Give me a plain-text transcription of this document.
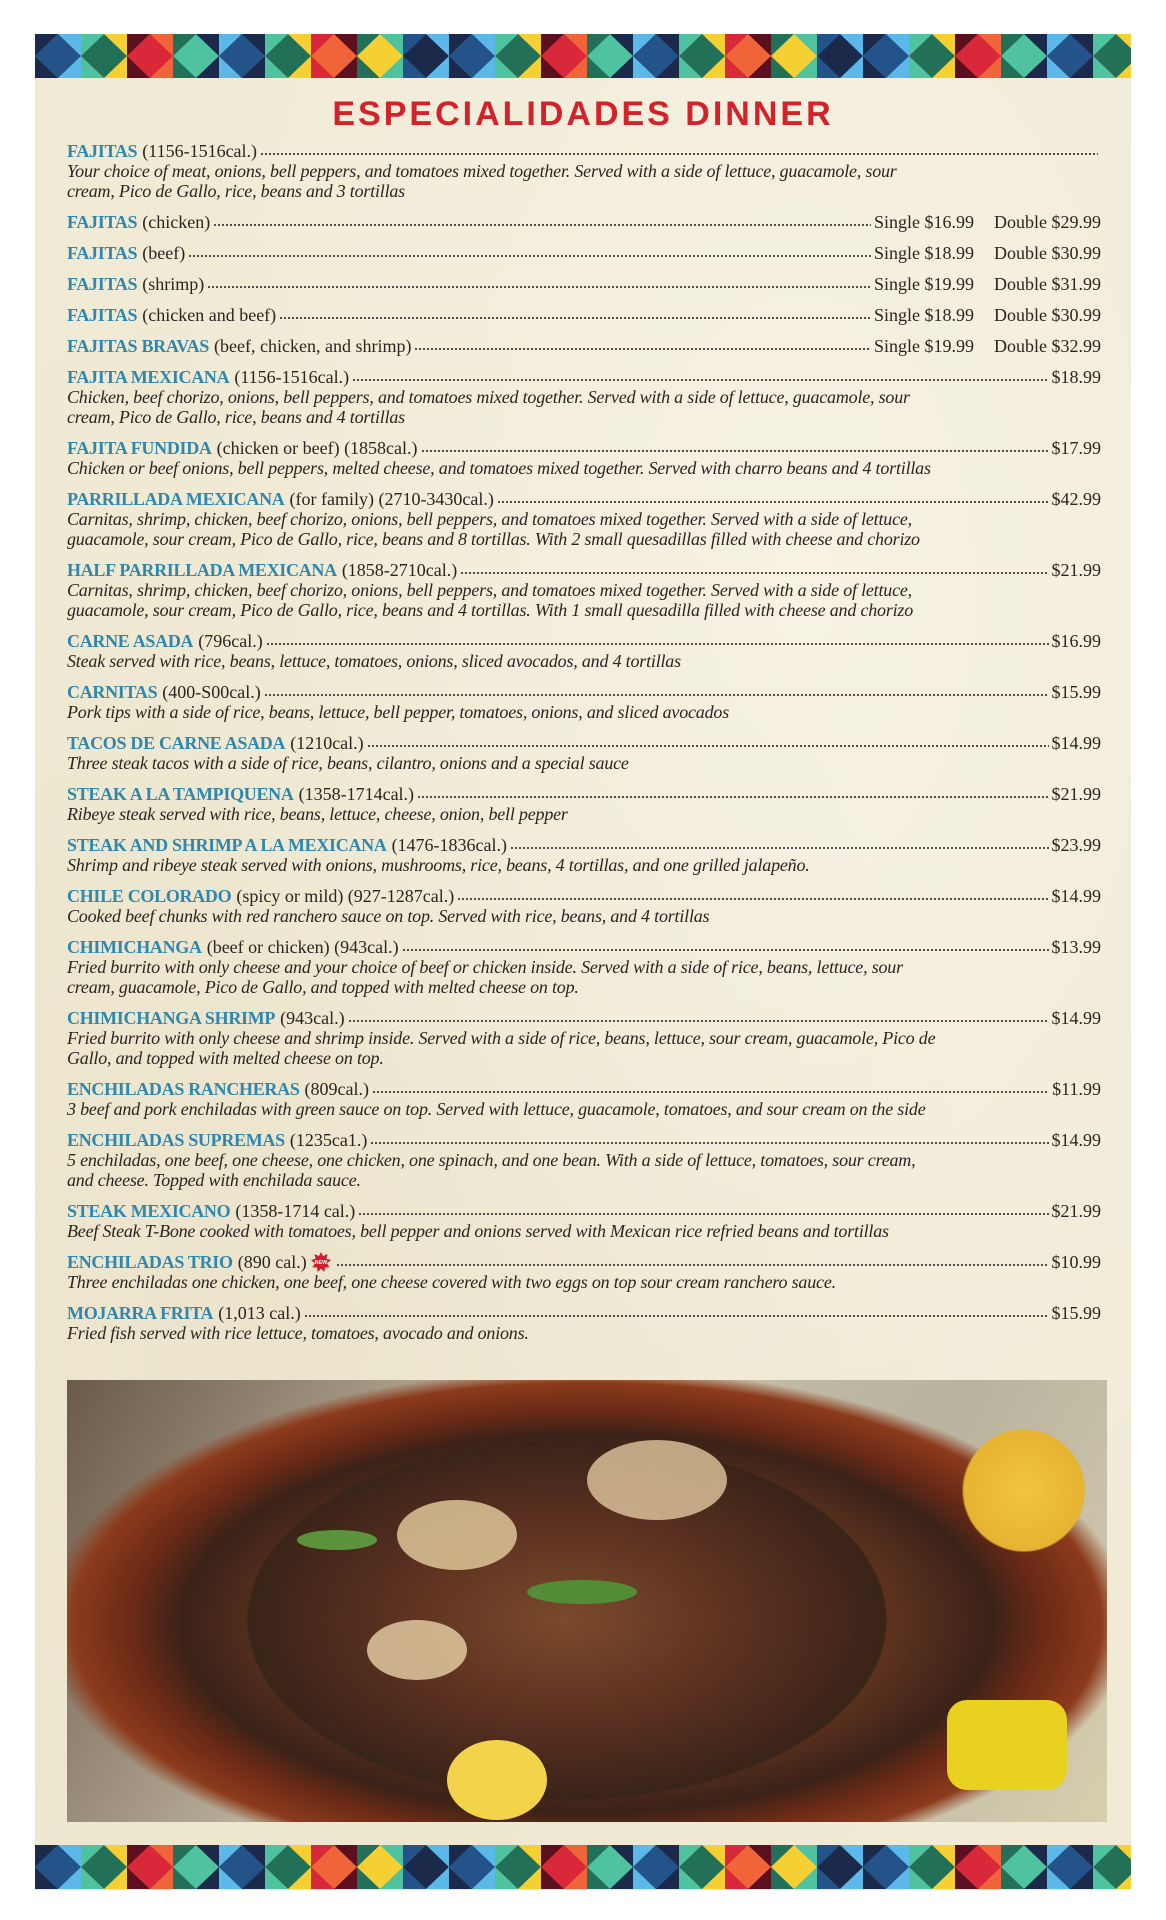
ESPECIALIDADES DINNER
FAJITAS (1156-1516cal.)
Your choice of meat, onions, bell peppers, and tomatoes mixed together. Served with a side of lettuce, guacamole, sour
cream, Pico de Gallo, rice, beans and 3 tortillas
FAJITAS (chicken)	Single $16.99 Double $29.99
FAJITAS (beef)	Single $18.99 Double $30.99
FAJITAS (shrimp)	Single $19.99 Double $31.99
FAJITAS (chicken and beef)	Single $18.99 Double $30.99
FAJITAS BRAVAS (beef, chicken, and shrimp)	Single $19.99 Double $32.99
FAJITA MEXICANA (1156-1516cal.)	$18.99
Chicken, beef chorizo, onions, bell peppers, and tomatoes mixed together. Served with a side of lettuce, guacamole, sour
cream, Pico de Gallo, rice, beans and 4 tortillas
FAJITA FUNDIDA (chicken or beef) (1858cal.)	$17.99
Chicken or beef onions, bell peppers, melted cheese, and tomatoes mixed together. Served with charro beans and 4 tortillas
PARRILLADA MEXICANA (for family) (2710-3430cal.)	$42.99
Carnitas, shrimp, chicken, beef chorizo, onions, bell peppers, and tomatoes mixed together. Served with a side of lettuce,
guacamole, sour cream, Pico de Gallo, rice, beans and 8 tortillas. With 2 small quesadillas filled with cheese and chorizo
HALF PARRILLADA MEXICANA (1858-2710cal.)	$21.99
Carnitas, shrimp, chicken, beef chorizo, onions, bell peppers, and tomatoes mixed together. Served with a side of lettuce,
guacamole, sour cream, Pico de Gallo, rice, beans and 4 tortillas. With 1 small quesadilla filled with cheese and chorizo
CARNE ASADA (796cal.)	$16.99
Steak served with rice, beans, lettuce, tomatoes, onions, sliced avocados, and 4 tortillas
CARNITAS (400-S00cal.)	$15.99
Pork tips with a side of rice, beans, lettuce, bell pepper, tomatoes, onions, and sliced avocados
TACOS DE CARNE ASADA (1210cal.)	$14.99
Three steak tacos with a side of rice, beans, cilantro, onions and a special sauce
STEAK A LA TAMPIQUENA (1358-1714cal.)	$21.99
Ribeye steak served with rice, beans, lettuce, cheese, onion, bell pepper
STEAK AND SHRIMP A LA MEXICANA (1476-1836cal.)	$23.99
Shrimp and ribeye steak served with onions, mushrooms, rice, beans, 4 tortillas, and one grilled jalapeño.
CHILE COLORADO (spicy or mild) (927-1287cal.)	$14.99
Cooked beef chunks with red ranchero sauce on top. Served with rice, beans, and 4 tortillas
CHIMICHANGA (beef or chicken) (943cal.)	$13.99
Fried burrito with only cheese and your choice of beef or chicken inside. Served with a side of rice, beans, lettuce, sour
cream, guacamole, Pico de Gallo, and topped with melted cheese on top.
CHIMICHANGA SHRIMP (943cal.)	$14.99
Fried burrito with only cheese and shrimp inside. Served with a side of rice, beans, lettuce, sour cream, guacamole, Pico de
Gallo, and topped with melted cheese on top.
ENCHILADAS RANCHERAS (809cal.)	$11.99
3 beef and pork enchiladas with green sauce on top. Served with lettuce, guacamole, tomatoes, and sour cream on the side
ENCHILADAS SUPREMAS (1235ca1.)	$14.99
5 enchiladas, one beef, one cheese, one chicken, one spinach, and one bean. With a side of lettuce, tomatoes, sour cream,
and cheese. Topped with enchilada sauce.
STEAK MEXICANO (1358-1714 cal.)	$21.99
Beef Steak T-Bone cooked with tomatoes, bell pepper and onions served with Mexican rice refried beans and tortillas
ENCHILADAS TRIO (890 cal.) NEW	$10.99
Three enchiladas one chicken, one beef, one cheese covered with two eggs on top sour cream ranchero sauce.
MOJARRA FRITA (1,013 cal.)	$15.99
Fried fish served with rice lettuce, tomatoes, avocado and onions.
